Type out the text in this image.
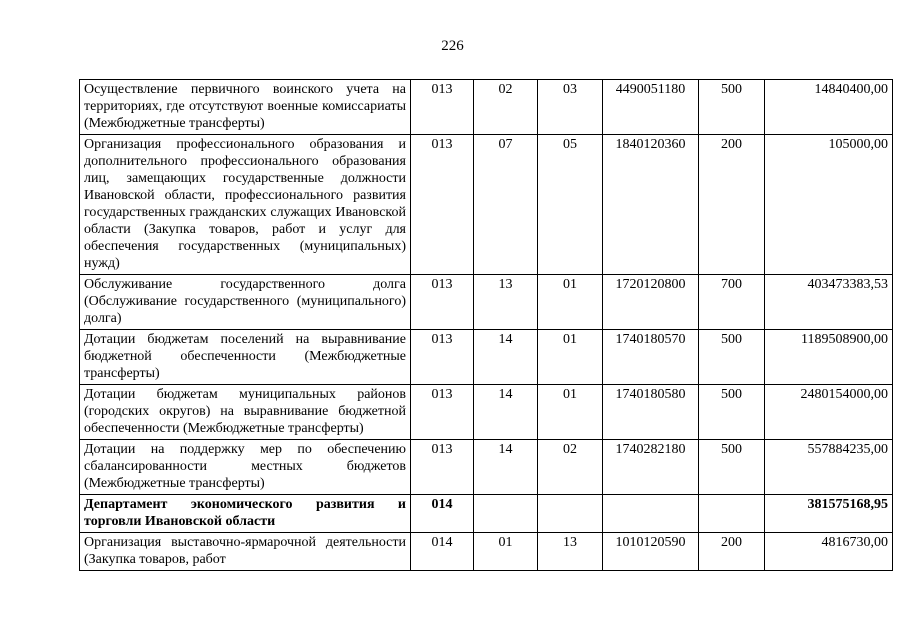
226
Осуществление первичного воинского учета на территориях, где отсутствуют военные комиссариаты (Межбюджетные трансферты)	013	02	03	4490051180	500	14840400,00
Организация профессионального образования и дополнительного профессионального образования лиц, замещающих государственные должности Ивановской области, профессионального развития государственных гражданских служащих Ивановской области (Закупка товаров, работ и услуг для обеспечения государственных (муниципальных) нужд)	013	07	05	1840120360	200	105000,00
Обслуживание государственного долга (Обслуживание государственного (муниципального) долга)	013	13	01	1720120800	700	403473383,53
Дотации бюджетам поселений на выравнивание бюджетной обеспеченности (Межбюджетные трансферты)	013	14	01	1740180570	500	1189508900,00
Дотации бюджетам муниципальных районов (городских округов) на выравнивание бюджетной обеспеченности (Межбюджетные трансферты)	013	14	01	1740180580	500	2480154000,00
Дотации на поддержку мер по обеспечению сбалансированности местных бюджетов (Межбюджетные трансферты)	013	14	02	1740282180	500	557884235,00
Департамент экономического развития и торговли Ивановской области	014					381575168,95
Организация выставочно-ярмарочной деятельности (Закупка товаров, работ	014	01	13	1010120590	200	4816730,00
